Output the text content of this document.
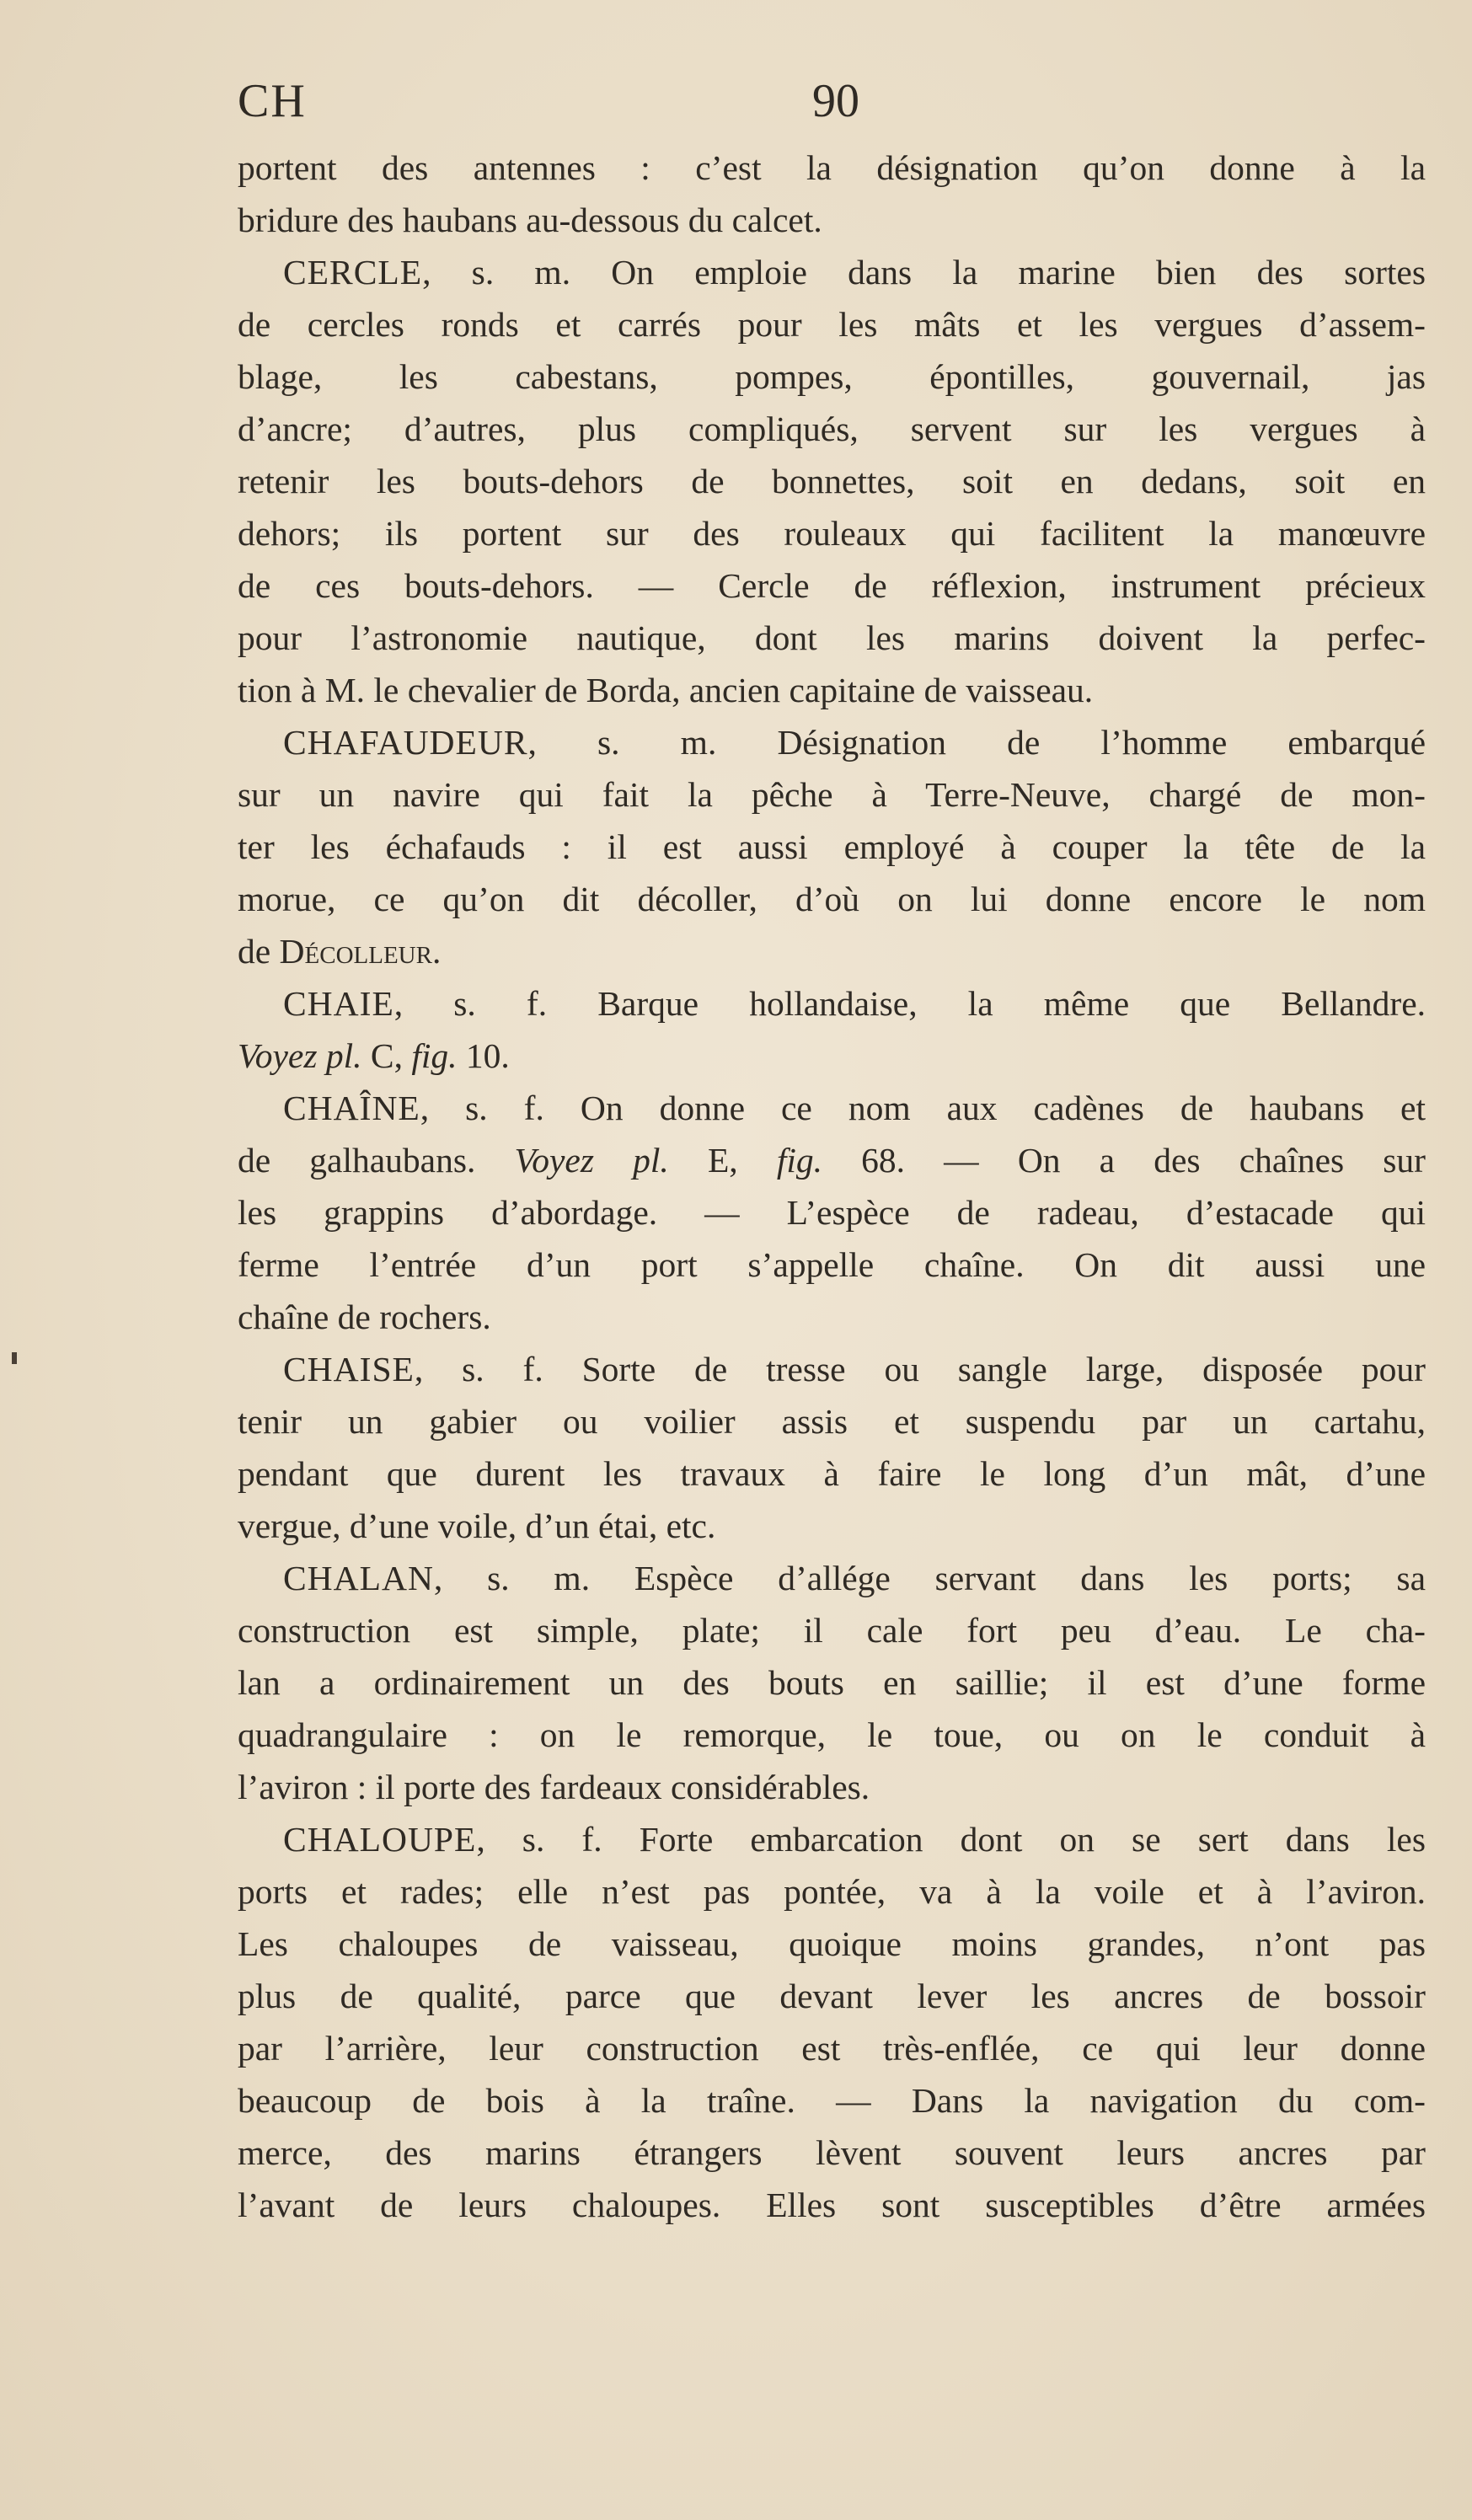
CH	90
portent des antennes : c’est la désignation qu’on donne à la
bridure des haubans au-dessous du calcet.
CERCLE, s. m. On emploie dans la marine bien des sortes
de cercles ronds et carrés pour les mâts et les vergues d’assem-
blage, les cabestans, pompes, épontilles, gouvernail, jas
d’ancre; d’autres, plus compliqués, servent sur les vergues à
retenir les bouts-dehors de bonnettes, soit en dedans, soit en
dehors; ils portent sur des rouleaux qui facilitent la manœuvre
de ces bouts-dehors. — Cercle de réflexion, instrument précieux
pour l’astronomie nautique, dont les marins doivent la perfec-
tion à M. le chevalier de Borda, ancien capitaine de vaisseau.
CHAFAUDEUR, s. m. Désignation de l’homme embarqué
sur un navire qui fait la pêche à Terre-Neuve, chargé de mon-
ter les échafauds : il est aussi employé à couper la tête de la
morue, ce qu’on dit décoller, d’où on lui donne encore le nom
de Décolleur.
CHAIE, s. f. Barque hollandaise, la même que Bellandre.
Voyez pl. C, fig. 10.
CHAÎNE, s. f. On donne ce nom aux cadènes de haubans et
de galhaubans. Voyez pl. E, fig. 68. — On a des chaînes sur
les grappins d’abordage. — L’espèce de radeau, d’estacade qui
ferme l’entrée d’un port s’appelle chaîne. On dit aussi une
chaîne de rochers.
CHAISE, s. f. Sorte de tresse ou sangle large, disposée pour
tenir un gabier ou voilier assis et suspendu par un cartahu,
pendant que durent les travaux à faire le long d’un mât, d’une
vergue, d’une voile, d’un étai, etc.
CHALAN, s. m. Espèce d’allége servant dans les ports; sa
construction est simple, plate; il cale fort peu d’eau. Le cha-
lan a ordinairement un des bouts en saillie; il est d’une forme
quadrangulaire : on le remorque, le toue, ou on le conduit à
l’aviron : il porte des fardeaux considérables.
CHALOUPE, s. f. Forte embarcation dont on se sert dans les
ports et rades; elle n’est pas pontée, va à la voile et à l’aviron.
Les chaloupes de vaisseau, quoique moins grandes, n’ont pas
plus de qualité, parce que devant lever les ancres de bossoir
par l’arrière, leur construction est très-enflée, ce qui leur donne
beaucoup de bois à la traîne. — Dans la navigation du com-
merce, des marins étrangers lèvent souvent leurs ancres par
l’avant de leurs chaloupes. Elles sont susceptibles d’être armées
